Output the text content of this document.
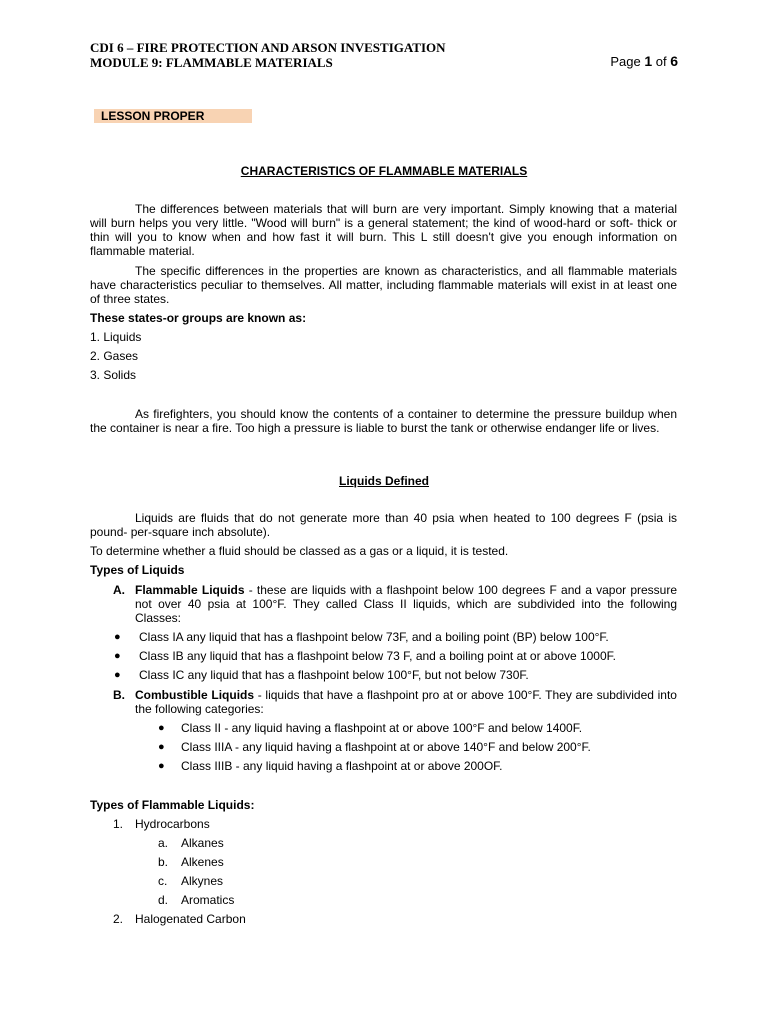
CDI 6 – FIRE PROTECTION AND ARSON INVESTIGATION
MODULE 9: FLAMMABLE MATERIALS	Page 1 of 6
LESSON PROPER
CHARACTERISTICS OF FLAMMABLE MATERIALS
The differences between materials that will burn are very important. Simply knowing that a material will burn helps you very little. "Wood will burn" is a general statement; the kind of wood-hard or soft- thick or thin will you to know when and how fast it will burn. This L still doesn't give you enough information on flammable material.
The specific differences in the properties are known as characteristics, and all flammable materials have characteristics peculiar to themselves. All matter, including flammable materials will exist in at least one of three states.
These states-or groups are known as:
1. Liquids
2. Gases
3. Solids
As firefighters, you should know the contents of a container to determine the pressure buildup when the container is near a fire. Too high a pressure is liable to burst the tank or otherwise endanger life or lives.
Liquids Defined
Liquids are fluids that do not generate more than 40 psia when heated to 100 degrees F (psia is pound- per-square inch absolute).
To determine whether a fluid should be classed as a gas or a liquid, it is tested.
Types of Liquids
A. Flammable Liquids - these are liquids with a flashpoint below 100 degrees F and a vapor pressure not over 40 psia at 100°F. They called Class II liquids, which are subdivided into the following Classes:
● Class IA any liquid that has a flashpoint below 73F, and a boiling point (BP) below 100°F.
● Class IB any liquid that has a flashpoint below 73 F, and a boiling point at or above 1000F.
● Class IC any liquid that has a flashpoint below 100°F, but not below 730F.
B. Combustible Liquids - liquids that have a flashpoint pro at or above 100°F. They are subdivided into the following categories:
● Class II - any liquid having a flashpoint at or above 100°F and below 1400F.
● Class IIIA - any liquid having a flashpoint at or above 140°F and below 200°F.
● Class IIIB - any liquid having a flashpoint at or above 200OF.
Types of Flammable Liquids:
1. Hydrocarbons
a. Alkanes
b. Alkenes
c. Alkynes
d. Aromatics
2. Halogenated Carbon
